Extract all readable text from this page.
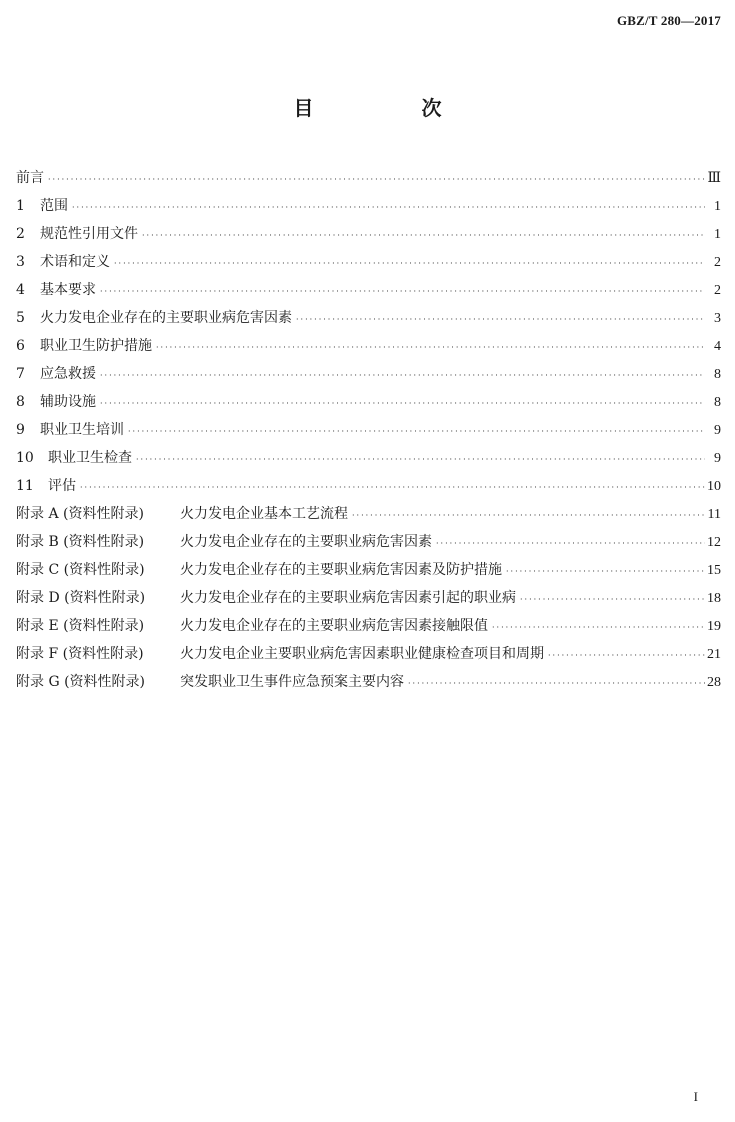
GBZ/T 280—2017
目　次
前言 ·····	Ⅲ
1	范围 ·····	1
2	规范性引用文件 ·····	1
3	术语和定义 ·····	2
4	基本要求 ·····	2
5	火力发电企业存在的主要职业病危害因素 ·····	3
6	职业卫生防护措施 ·····	4
7	应急救援 ·····	8
8	辅助设施 ·····	8
9	职业卫生培训 ·····	9
10	职业卫生检查 ·····	9
11	评估 ·····	10
附录 A (资料性附录)	火力发电企业基本工艺流程 ·····	11
附录 B (资料性附录)	火力发电企业存在的主要职业病危害因素 ·····	12
附录 C (资料性附录)	火力发电企业存在的主要职业病危害因素及防护措施 ·····	15
附录 D (资料性附录)	火力发电企业存在的主要职业病危害因素引起的职业病 ·····	18
附录 E (资料性附录)	火力发电企业存在的主要职业病危害因素接触限值 ·····	19
附录 F (资料性附录)	火力发电企业主要职业病危害因素职业健康检查项目和周期 ·····	21
附录 G (资料性附录)	突发职业卫生事件应急预案主要内容 ·····	28
I
